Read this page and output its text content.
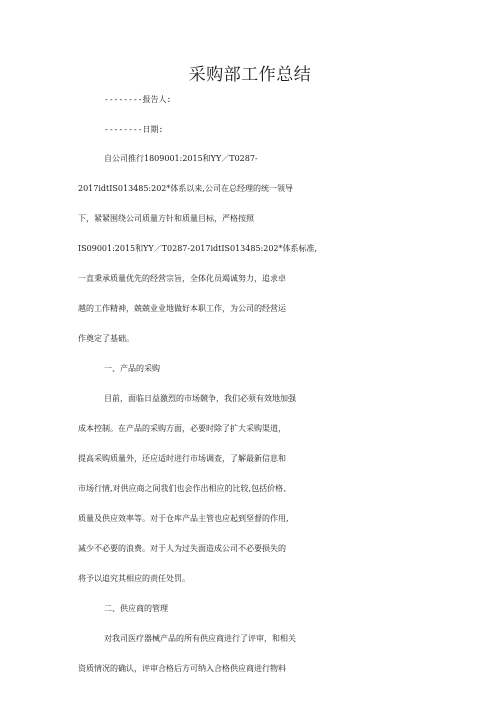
采购部工作总结
--------报告人:
--------日期:
自公司推行1809001:2015和YY／T0287-
2017idtIS013485:202*体系以来,公司在总经理的统一领导
下，紧紧围绕公司质量方针和质量目标，严格按照
IS09001:2015和YY／T0287-2017idtIS013485:202*体系标准,
一直秉承质量优先的经营宗旨，全体化员竭诚努力，追求卓
越的工作精神，兢兢业业地做好本职工作，为公司的经营运
作奠定了基础。
一、产品的采购
目前，面临日益激烈的市场競争，我们必须有效地加强
成本控制。在产品的采购方面，必要时除了扩大采购渠道，
提高采购质量外，还应适时进行市场调查，了解最新信息和
市场行情,对供应商之间我们也会作出相应的比较,包括价格、
质量及供应效率等。对于仓库产品主管也应起到坚督的作用,
减少不必要的浪费。对于人为过失面造成公司不必要损失的
将予以追究其相应的责任处罚。
二、供应商的管理
对我司医疗器械产品的所有供应商进行了评审，和相关
资质情况的确认，评审合格后方可纳入合格供应商进行物料
